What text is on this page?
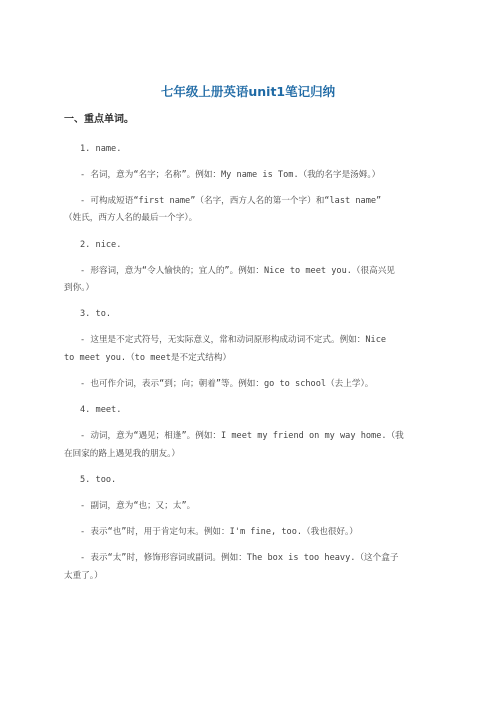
七年级上册英语unit1笔记归纳
一、重点单词。
1. name.
- 名词，意为“名字；名称”。例如：My name is Tom.（我的名字是汤姆。）
- 可构成短语“first name”（名字，西方人名的第一个字）和“last name”
（姓氏，西方人名的最后一个字）。
2. nice.
- 形容词，意为“令人愉快的；宜人的”。例如：Nice to meet you.（很高兴见
到你。）
3. to.
- 这里是不定式符号，无实际意义，常和动词原形构成动词不定式。例如：Nice
to meet you.（to meet是不定式结构）
- 也可作介词，表示“到；向；朝着”等。例如：go to school（去上学）。
4. meet.
- 动词，意为“遇见；相逢”。例如：I meet my friend on my way home.（我
在回家的路上遇见我的朋友。）
5. too.
- 副词，意为“也；又；太”。
- 表示“也”时，用于肯定句末。例如：I'm fine, too.（我也很好。）
- 表示“太”时，修饰形容词或副词。例如：The box is too heavy.（这个盒子
太重了。）
